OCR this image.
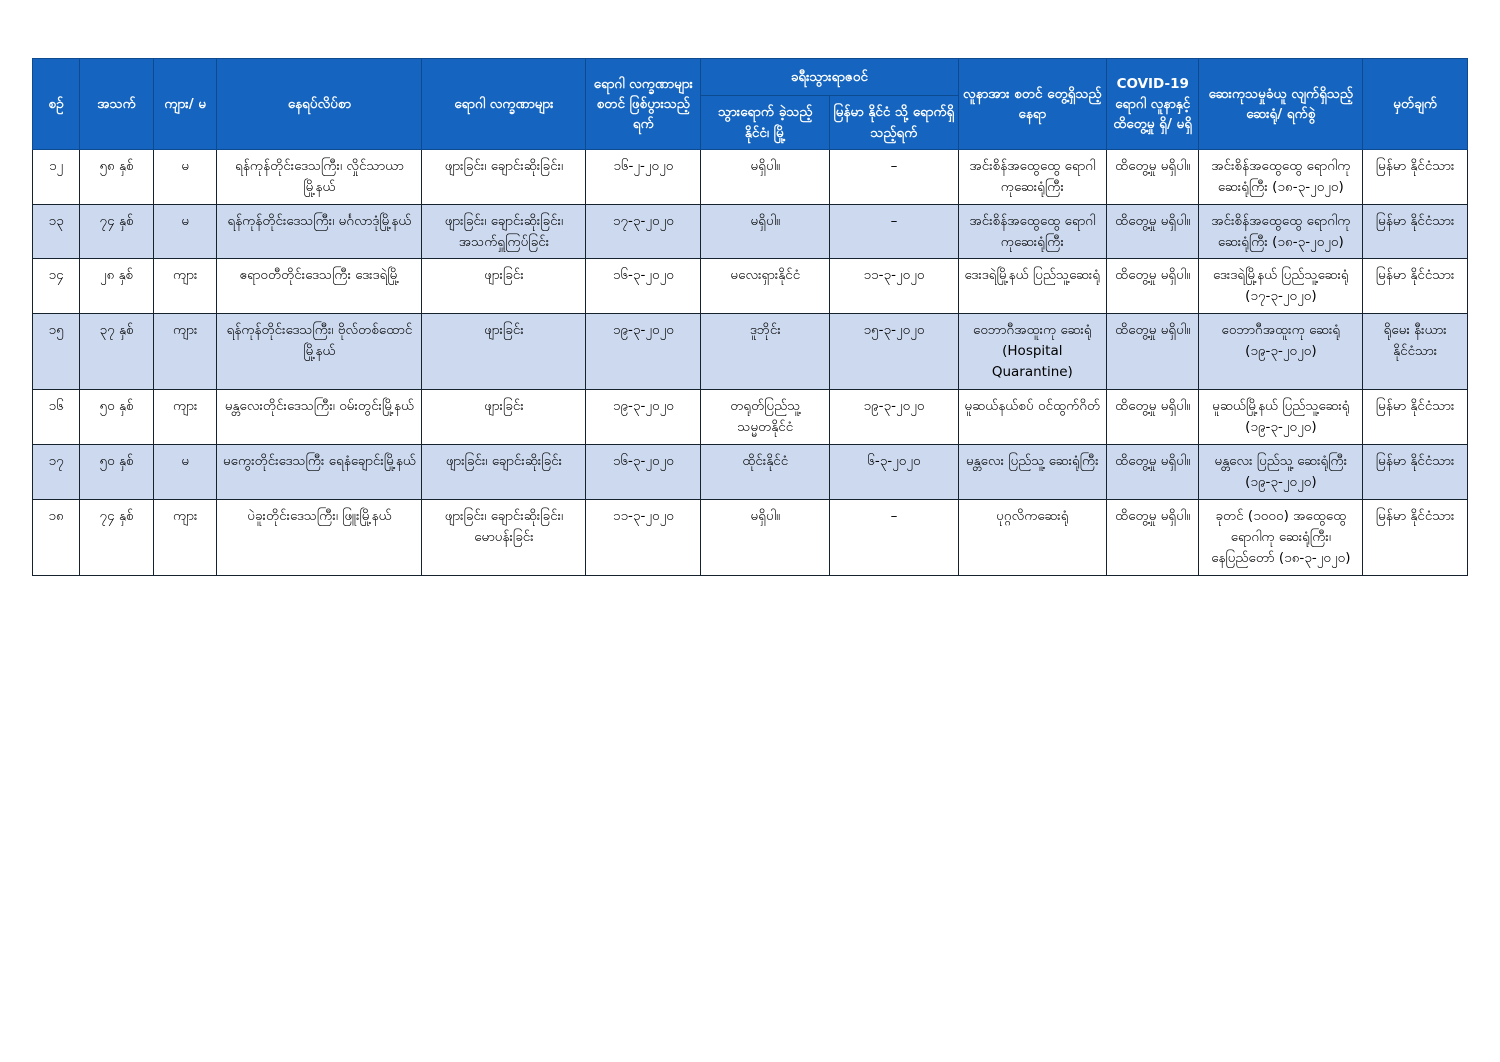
စဉ်	အသက်	ကျား/ မ	နေရပ်လိပ်စာ	ရောဂါ လက္ခဏာများ	ရောဂါ လက္ခဏာများ စတင် ဖြစ်ပွားသည့် ရက်	ခရီးသွားရာဇဝင်		လူနာအား စတင် တွေ့ရှိသည့် နေရာ	COVID-19 ရောဂါ လူနာနှင့် ထိတွေ့မှု ရှိ/ မရှိ	ဆေးကုသမှုခံယူ လျက်ရှိသည့် ဆေးရုံ/ ရက်စွဲ	မှတ်ချက်
						သွားရောက် ခဲ့သည့် နိုင်ငံ၊ မြို့	မြန်မာ နိုင်ငံ သို့ ရောက်ရှိ သည့်ရက်				
၁၂	၅၈ နှစ်	မ	ရန်ကုန်တိုင်းဒေသကြီး၊ လှိုင်သာယာမြို့နယ်	ဖျားခြင်း၊ ချောင်းဆိုးခြင်း၊	၁၆-၂-၂၀၂၀	မရှိပါ။	–	အင်းစိန်အထွေထွေ ရောဂါ ကုဆေးရုံကြီး	ထိတွေ့မှု မရှိပါ။	အင်းစိန်အထွေထွေ ရောဂါကုဆေးရုံကြီး (၁၈-၃-၂၀၂၀)	မြန်မာ နိုင်ငံသား
၁၃	၇၄ နှစ်	မ	ရန်ကုန်တိုင်းဒေသကြီး၊ မင်္ဂလာဒုံမြို့နယ်	ဖျားခြင်း၊ ချောင်းဆိုးခြင်း၊ အသက်ရှူကြပ်ခြင်း	၁၇-၃-၂၀၂၀	မရှိပါ။	–	အင်းစိန်အထွေထွေ ရောဂါ ကုဆေးရုံကြီး	ထိတွေ့မှု မရှိပါ။	အင်းစိန်အထွေထွေ ရောဂါကုဆေးရုံကြီး (၁၈-၃-၂၀၂၀)	မြန်မာ နိုင်ငံသား
၁၄	၂၈ နှစ်	ကျား	ဧရာဝတီတိုင်းဒေသကြီး ဒေးဒရဲမြို့	ဖျားခြင်း	၁၆-၃-၂၀၂၀	မလေးရှားနိုင်ငံ	၁၁-၃-၂၀၂၀	ဒေးဒရဲမြို့နယ် ပြည်သူ့ဆေးရုံ	ထိတွေ့မှု မရှိပါ။	ဒေးဒရဲမြို့နယ် ပြည်သူ့ဆေးရုံ (၁၇-၃-၂၀၂၀)	မြန်မာ နိုင်ငံသား
၁၅	၃၇ နှစ်	ကျား	ရန်ကုန်တိုင်းဒေသကြီး၊ ဗိုလ်တစ်ထောင်မြို့နယ်	ဖျားခြင်း	၁၉-၃-၂၀၂၀	ဒူဘိုင်း	၁၅-၃-၂၀၂၀	ဝေဘာဂီအထူးကု ဆေးရုံ (Hospital Quarantine)	ထိတွေ့မှု မရှိပါ။	ဝေဘာဂီအထူးကု ဆေးရုံ (၁၉-၃-၂၀၂၀)	ရိုမေး နီးယား နိုင်ငံသား
၁၆	၅၀ နှစ်	ကျား	မန္တလေးတိုင်းဒေသကြီး၊ ဝမ်းတွင်းမြို့နယ်	ဖျားခြင်း	၁၉-၃-၂၀၂၀	တရုတ်ပြည်သူ့ သမ္မတနိုင်ငံ	၁၉-၃-၂၀၂၀	မူဆယ်နယ်စပ် ဝင်ထွက်ဂိတ်	ထိတွေ့မှု မရှိပါ။	မူဆယ်မြို့နယ် ပြည်သူ့ဆေးရုံ (၁၉-၃-၂၀၂၀)	မြန်မာ နိုင်ငံသား
၁၇	၅၀ နှစ်	မ	မကွေးတိုင်းဒေသကြီး ရေနံချောင်းမြို့နယ်	ဖျားခြင်း၊ ချောင်းဆိုးခြင်း	၁၆-၃-၂၀၂၀	ထိုင်းနိုင်ငံ	၆-၃-၂၀၂၀	မန္တလေး ပြည်သူ့ ဆေးရုံကြီး	ထိတွေ့မှု မရှိပါ။	မန္တလေး ပြည်သူ့ ဆေးရုံကြီး (၁၉-၃-၂၀၂၀)	မြန်မာ နိုင်ငံသား
၁၈	၇၄ နှစ်	ကျား	ပဲခူးတိုင်းဒေသကြီး၊ ဖြူးမြို့နယ်	ဖျားခြင်း၊ ချောင်းဆိုးခြင်း၊ မောပန်းခြင်း	၁၁-၃-၂၀၂၀	မရှိပါ။	–	ပုဂ္ဂလိကဆေးရုံ	ထိတွေ့မှု မရှိပါ။	ခုတင် (၁၀၀၀) အထွေထွေရောဂါကု ဆေးရုံကြီး၊ နေပြည်တော် (၁၈-၃-၂၀၂၀)	မြန်မာ နိုင်ငံသား
